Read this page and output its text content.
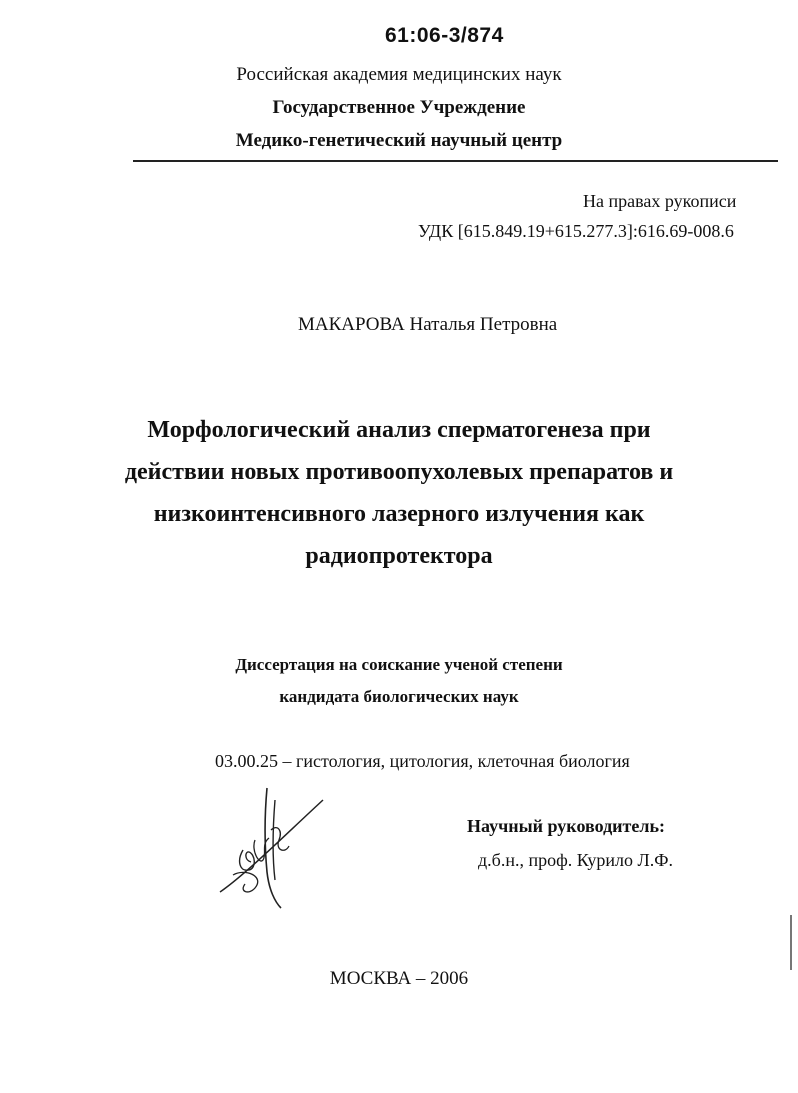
61:06-3/874
Российская академия медицинских наук
Государственное Учреждение
Медико-генетический научный центр
На правах рукописи
УДК [615.849.19+615.277.3]:616.69-008.6
МАКАРОВА Наталья Петровна
Морфологический анализ сперматогенеза при действии новых противоопухолевых препаратов и низкоинтенсивного лазерного излучения как радиопротектора
Диссертация на соискание ученой степени
кандидата биологических наук
03.00.25 – гистология, цитология, клеточная биология
Научный руководитель:
д.б.н., проф. Курило Л.Ф.
МОСКВА – 2006
